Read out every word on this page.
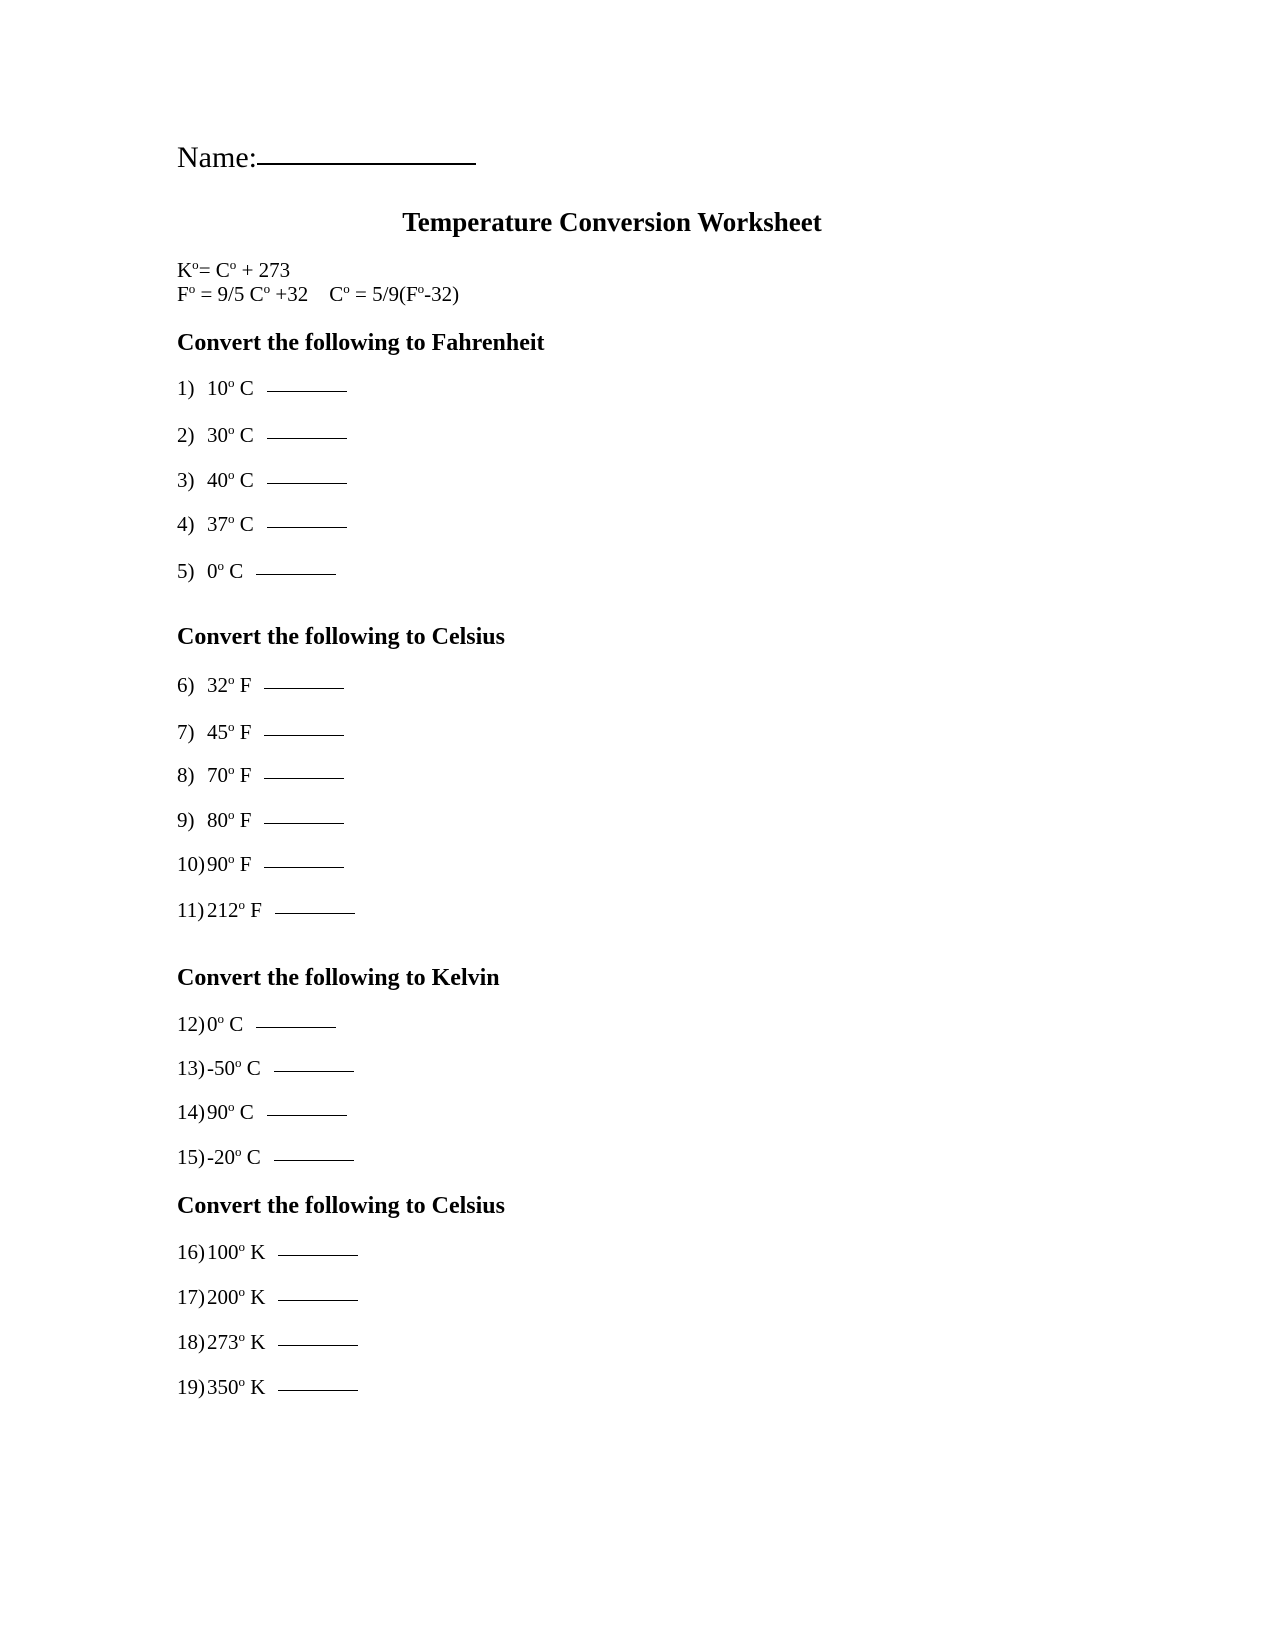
Name:
Temperature Conversion Worksheet
$K^o= C^o + 273$
$F^o = 9/5$ $C^o +32$    $C^o = 5/9(F^o-32)$
Convert the following to Fahrenheit
1) 10$^o$ C
2) 30$^o$ C
3) 40$^o$ C
4) 37$^o$ C
5) 0$^o$ C
Convert the following to Celsius
6) 32$^o$ F
7) 45$^o$ F
8) 70$^o$ F
9) 80$^o$ F
10)90$^o$ F
11) 212$^o$ F
Convert the following to Kelvin
12)0$^o$ C
13)-50$^o$ C
14)90$^o$ C
15)-20$^o$ C
Convert the following to Celsius
16)100$^o$ K
17)200$^o$ K
18)273$^o$ K
19)350$^o$ K
